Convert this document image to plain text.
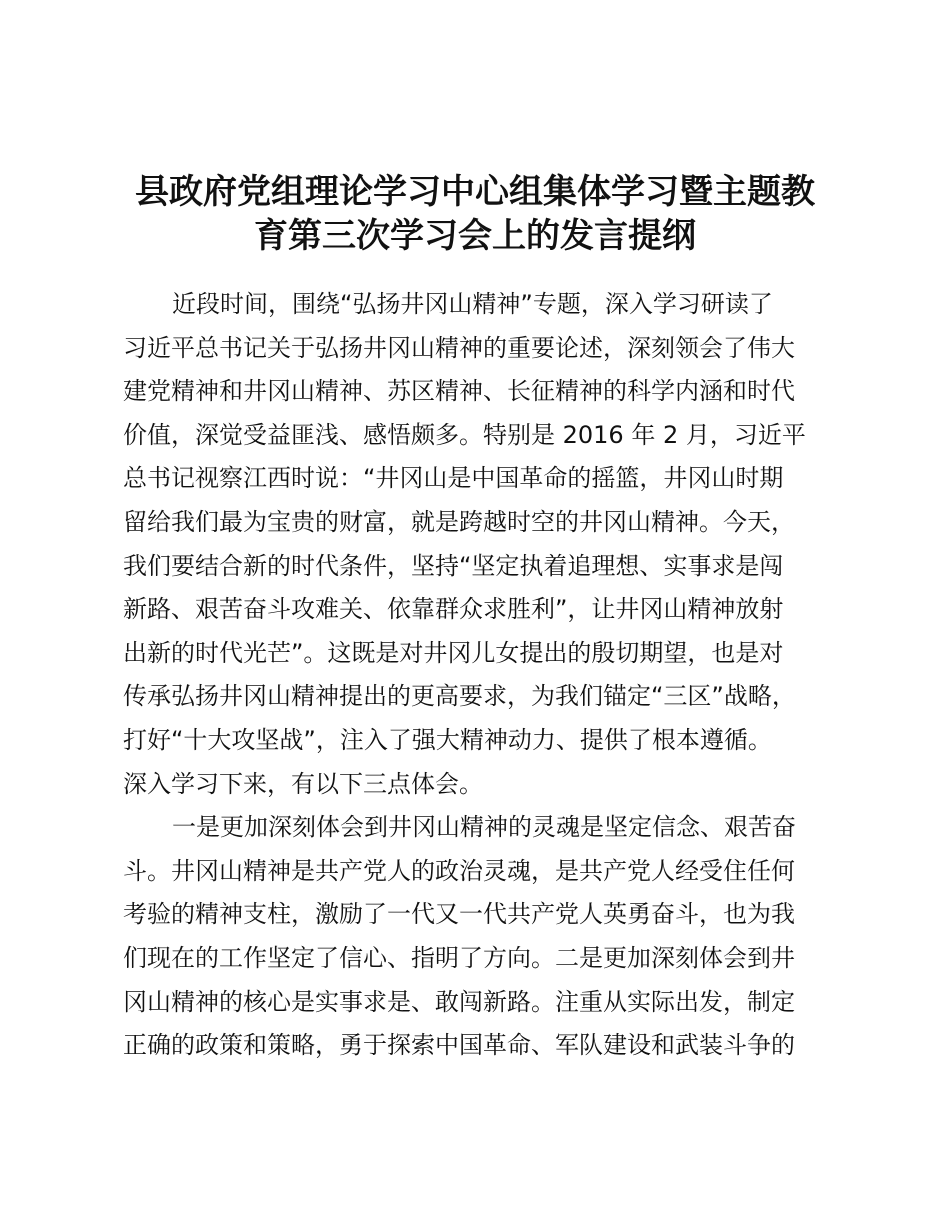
县政府党组理论学习中心组集体学习暨主题教
育第三次学习会上的发言提纲
近段时间，围绕“弘扬井冈山精神”专题，深入学习研读了
习近平总书记关于弘扬井冈山精神的重要论述，深刻领会了伟大
建党精神和井冈山精神、苏区精神、长征精神的科学内涵和时代
价值，深觉受益匪浅、感悟颇多。特别是 2016 年 2 月，习近平
总书记视察江西时说：“井冈山是中国革命的摇篮，井冈山时期
留给我们最为宝贵的财富，就是跨越时空的井冈山精神。今天，
我们要结合新的时代条件，坚持“坚定执着追理想、实事求是闯
新路、艰苦奋斗攻难关、依靠群众求胜利”，让井冈山精神放射
出新的时代光芒”。这既是对井冈儿女提出的殷切期望，也是对
传承弘扬井冈山精神提出的更高要求，为我们锚定“三区”战略，
打好“十大攻坚战”，注入了强大精神动力、提供了根本遵循。
深入学习下来，有以下三点体会。
一是更加深刻体会到井冈山精神的灵魂是坚定信念、艰苦奋
斗。井冈山精神是共产党人的政治灵魂，是共产党人经受住任何
考验的精神支柱，激励了一代又一代共产党人英勇奋斗，也为我
们现在的工作坚定了信心、指明了方向。二是更加深刻体会到井
冈山精神的核心是实事求是、敢闯新路。注重从实际出发，制定
正确的政策和策略，勇于探索中国革命、军队建设和武装斗争的
